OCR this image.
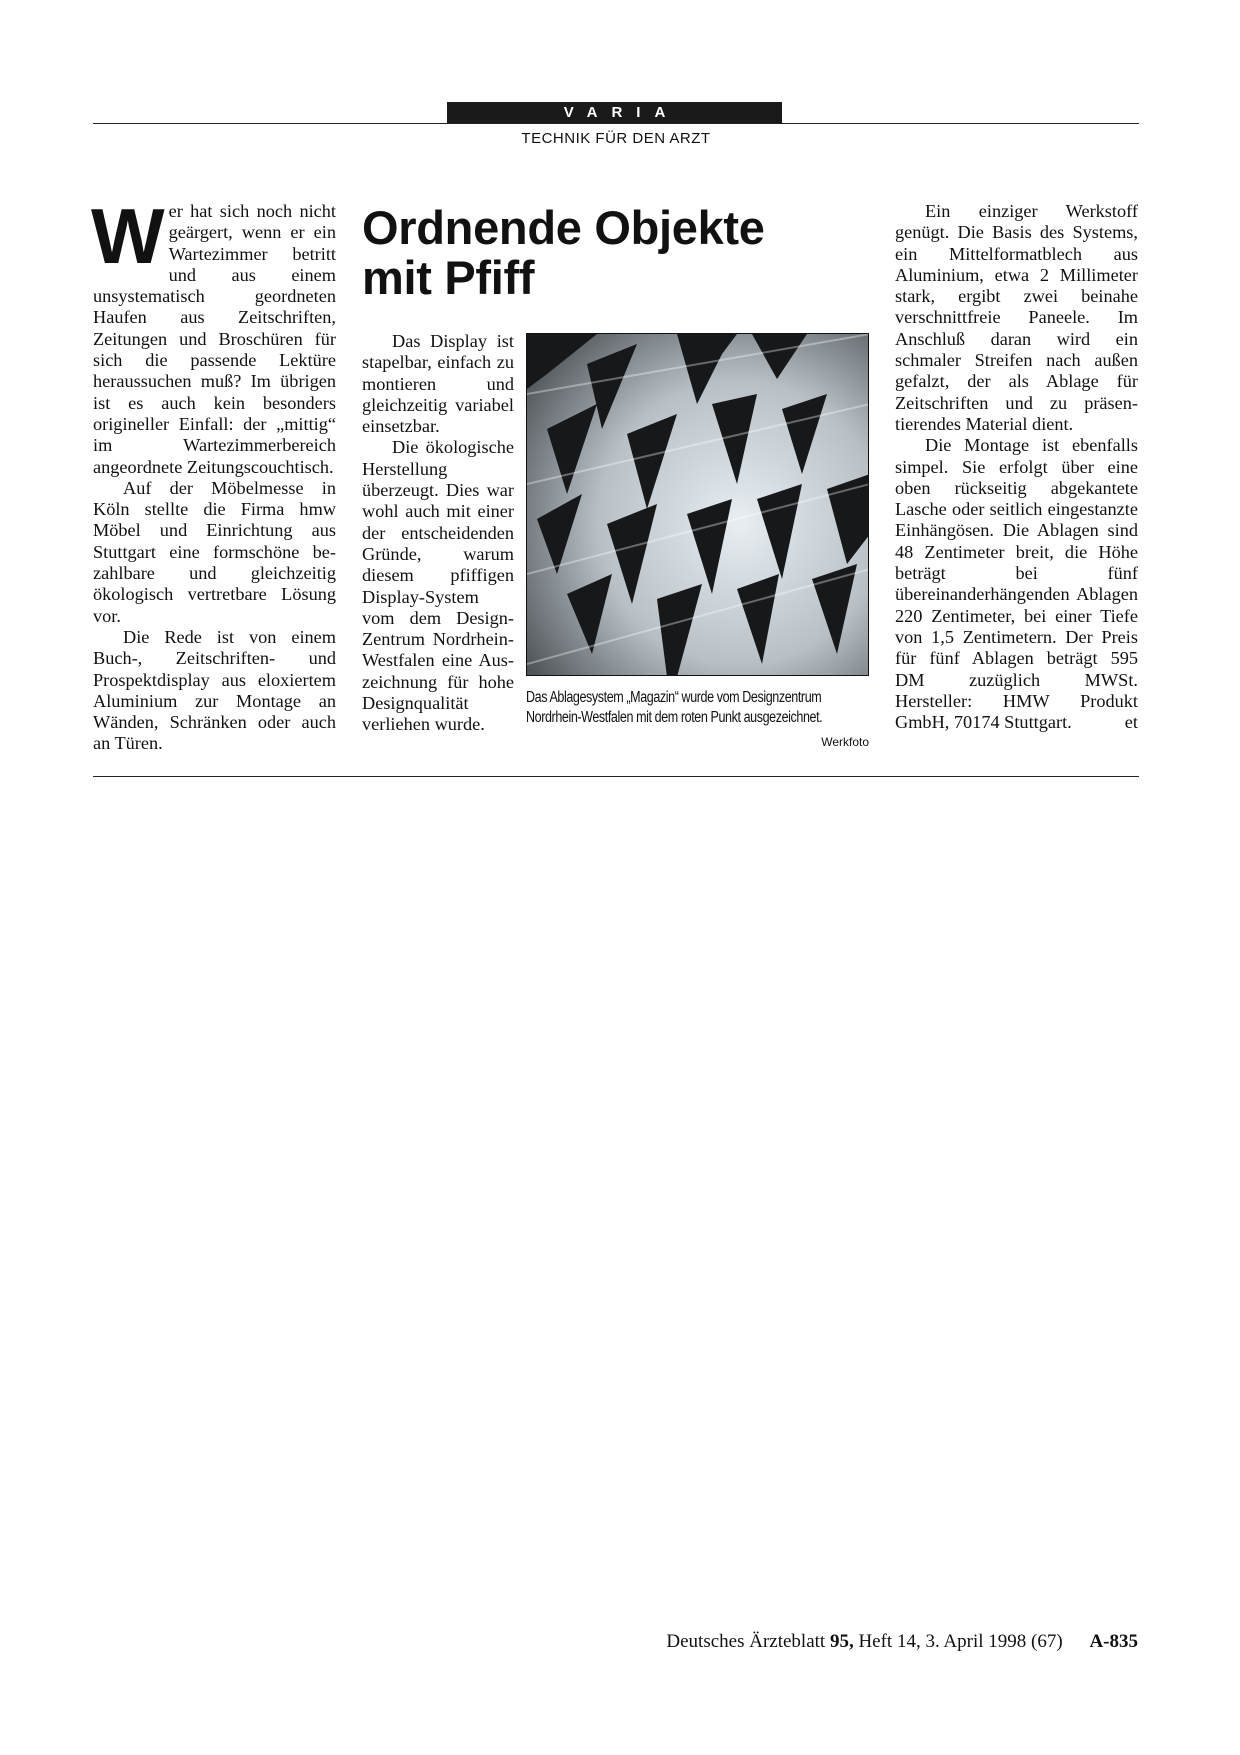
VARIA
TECHNIK FÜR DEN ARZT

Wer hat sich noch nicht geärgert, wenn er ein Wartezimmer betritt und aus einem unsystematisch geordneten Haufen aus Zeitschriften, Zeitungen und Broschüren für sich die passende Lektüre heraussuchen muß? Im übrigen ist es auch kein besonders origineller Einfall: der „mittig“ im Wartezimmerbereich angeordnete Zeitungscouchtisch.

Auf der Möbelmesse in Köln stellte die Firma hmw Möbel und Einrichtung aus Stuttgart eine formschöne bezahlbare und gleichzeitig ökologisch vertretbare Lösung vor.

Die Rede ist von einem Buch-, Zeitschriften- und Prospektdisplay aus eloxiertem Aluminium zur Montage an Wänden, Schränken oder auch an Türen.

Ordnende Objekte
mit Pfiff

Das Display ist stapelbar, einfach zu montieren und gleichzeitig variabel einsetzbar.

Die ökologische Herstellung überzeugt. Dies war wohl auch mit einer der entscheidenden Gründe, warum diesem pfiffigen Display-System vom dem Design-Zentrum Nordrhein-Westfalen eine Auszeichnung für hohe Designqualität verliehen wurde.

Das Ablagesystem „Magazin“ wurde vom Designzentrum Nordrhein-Westfalen mit dem roten Punkt ausgezeichnet.
Werkfoto

Ein einziger Werkstoff genügt. Die Basis des Systems, ein Mittelformatblech aus Aluminium, etwa 2 Millimeter stark, ergibt zwei beinahe verschnittfreie Paneele. Im Anschluß daran wird ein schmaler Streifen nach außen gefalzt, der als Ablage für Zeitschriften und zu präsentierendes Material dient.

Die Montage ist ebenfalls simpel. Sie erfolgt über eine oben rückseitig abgekantete Lasche oder seitlich eingestanzte Einhängösen. Die Ablagen sind 48 Zentimeter breit, die Höhe beträgt bei fünf übereinanderhängenden Ablagen 220 Zentimeter, bei einer Tiefe von 1,5 Zentimetern. Der Preis für fünf Ablagen beträgt 595 DM zuzüglich MWSt. Hersteller: HMW Produkt GmbH, 70174 Stuttgart.	et

Deutsches Ärzteblatt 95, Heft 14, 3. April 1998 (67) A-835
